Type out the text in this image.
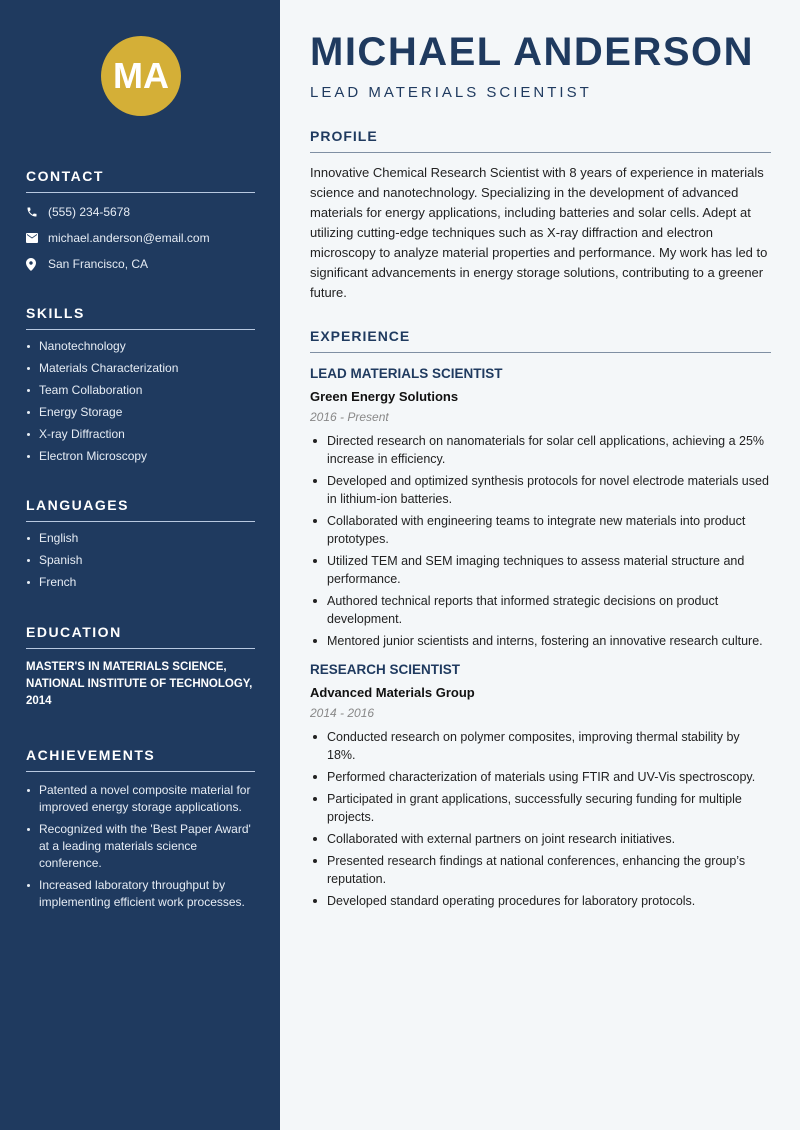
MA
CONTACT
(555) 234-5678
michael.anderson@email.com
San Francisco, CA
SKILLS
Nanotechnology
Materials Characterization
Team Collaboration
Energy Storage
X-ray Diffraction
Electron Microscopy
LANGUAGES
English
Spanish
French
EDUCATION
MASTER'S IN MATERIALS SCIENCE, NATIONAL INSTITUTE OF TECHNOLOGY, 2014
ACHIEVEMENTS
Patented a novel composite material for improved energy storage applications.
Recognized with the 'Best Paper Award' at a leading materials science conference.
Increased laboratory throughput by implementing efficient work processes.
MICHAEL ANDERSON
LEAD MATERIALS SCIENTIST
PROFILE
Innovative Chemical Research Scientist with 8 years of experience in materials science and nanotechnology. Specializing in the development of advanced materials for energy applications, including batteries and solar cells. Adept at utilizing cutting-edge techniques such as X-ray diffraction and electron microscopy to analyze material properties and performance. My work has led to significant advancements in energy storage solutions, contributing to a greener future.
EXPERIENCE
LEAD MATERIALS SCIENTIST
Green Energy Solutions
2016 - Present
Directed research on nanomaterials for solar cell applications, achieving a 25% increase in efficiency.
Developed and optimized synthesis protocols for novel electrode materials used in lithium-ion batteries.
Collaborated with engineering teams to integrate new materials into product prototypes.
Utilized TEM and SEM imaging techniques to assess material structure and performance.
Authored technical reports that informed strategic decisions on product development.
Mentored junior scientists and interns, fostering an innovative research culture.
RESEARCH SCIENTIST
Advanced Materials Group
2014 - 2016
Conducted research on polymer composites, improving thermal stability by 18%.
Performed characterization of materials using FTIR and UV-Vis spectroscopy.
Participated in grant applications, successfully securing funding for multiple projects.
Collaborated with external partners on joint research initiatives.
Presented research findings at national conferences, enhancing the group’s reputation.
Developed standard operating procedures for laboratory protocols.
